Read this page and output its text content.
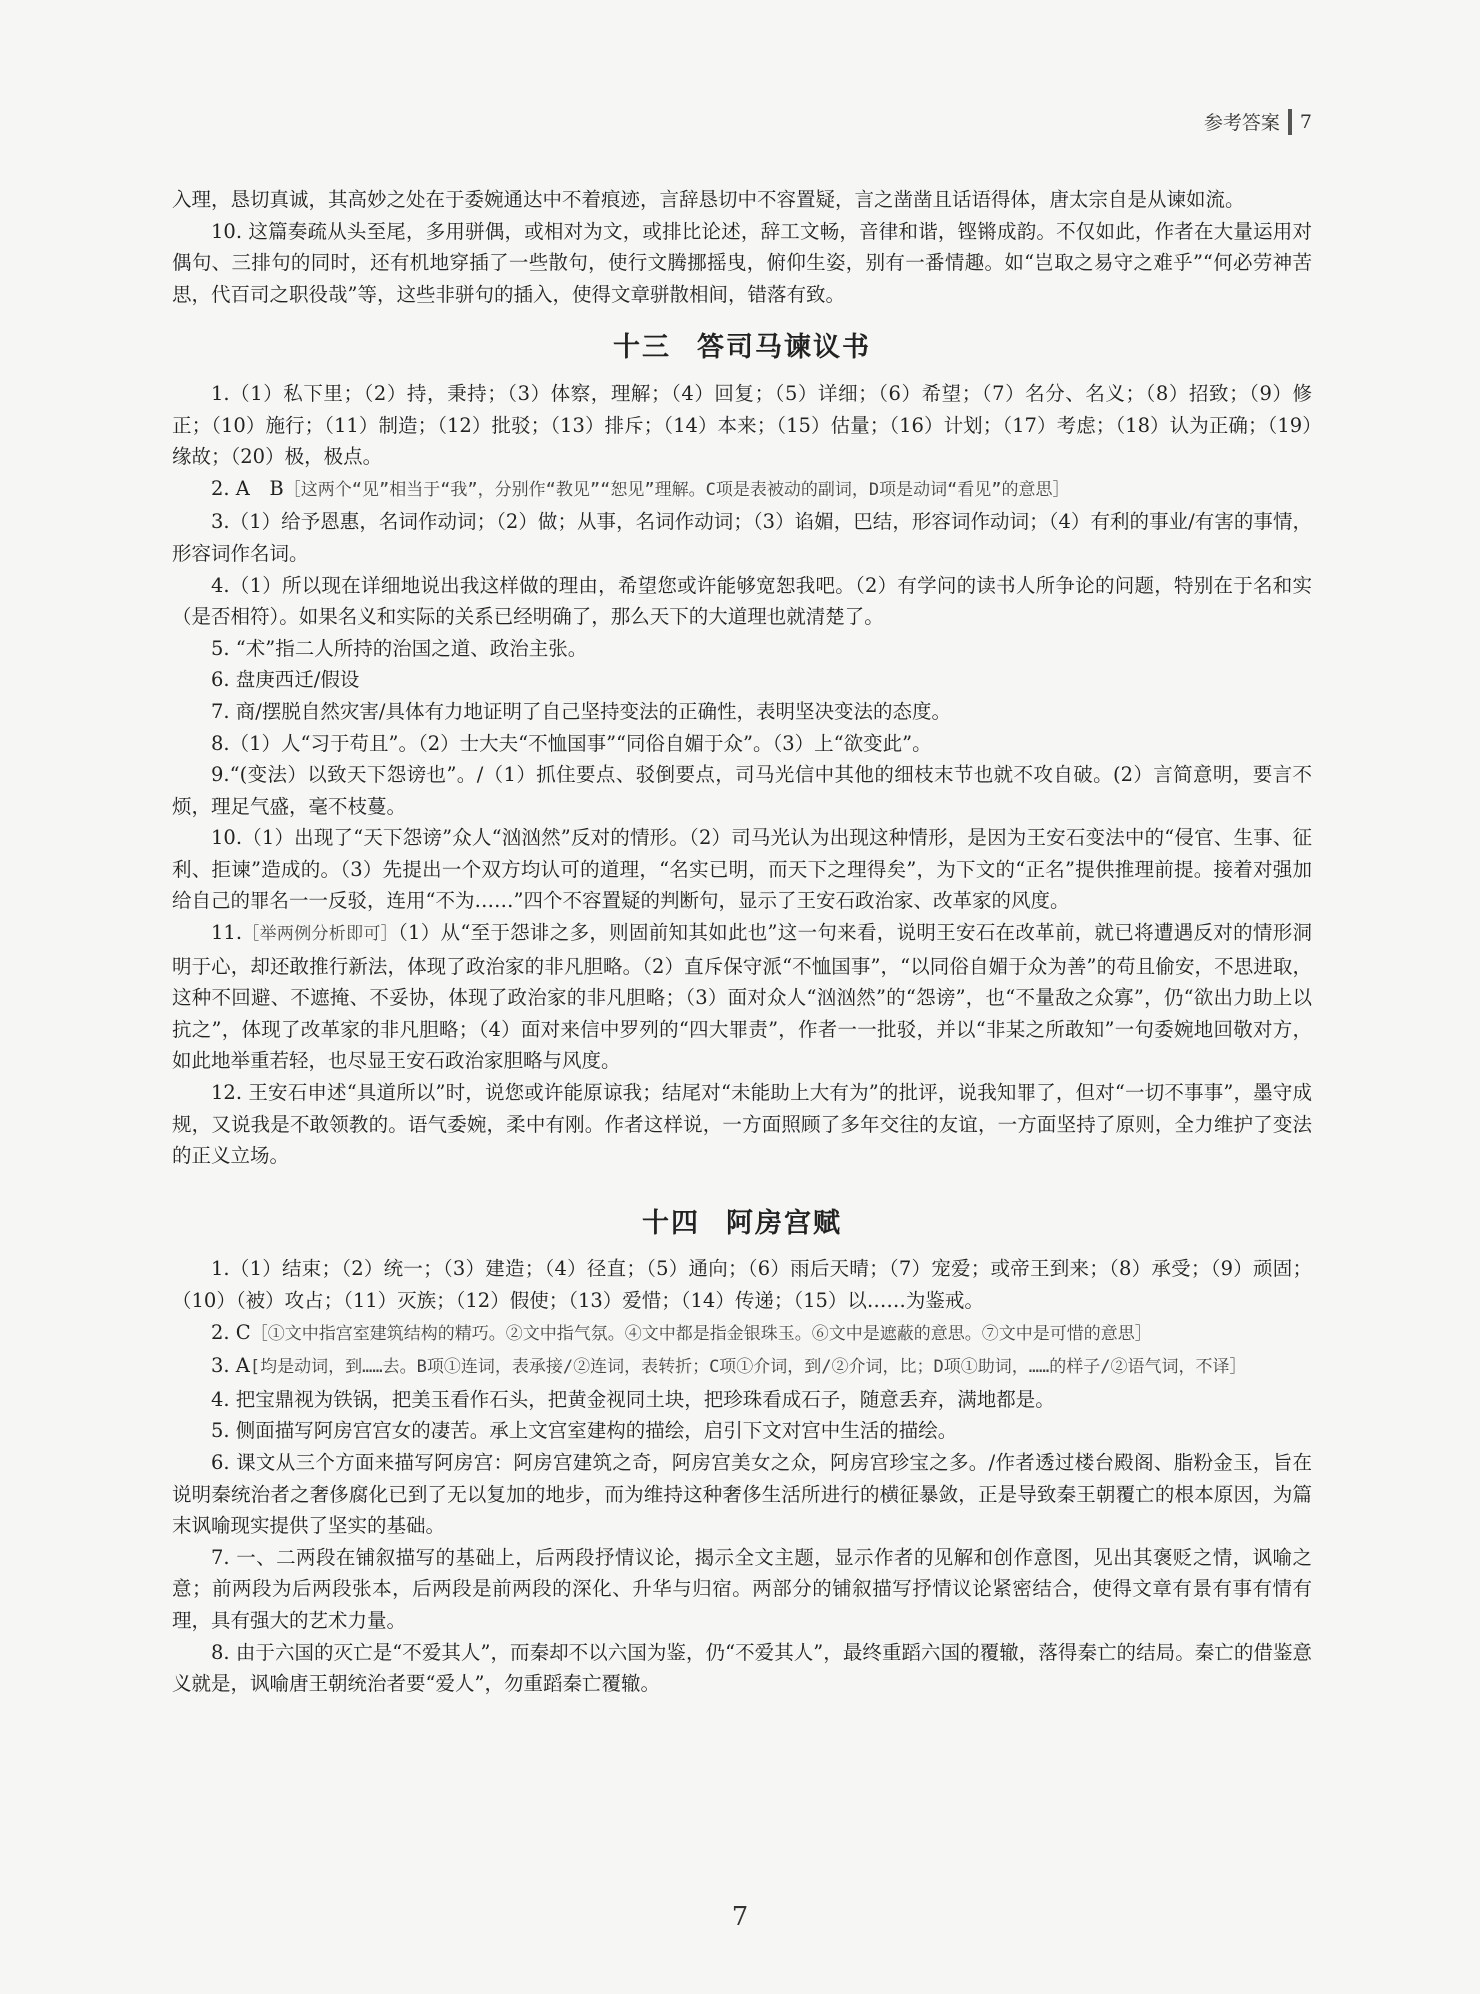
参考答案 7

入理，恳切真诚，其高妙之处在于委婉通达中不着痕迹，言辞恳切中不容置疑，言之凿凿且话语得体，唐太宗自是从谏如流。

10. 这篇奏疏从头至尾，多用骈偶，或相对为文，或排比论述，辞工文畅，音律和谐，铿锵成韵。不仅如此，作者在大量运用对偶句、三排句的同时，还有机地穿插了一些散句，使行文腾挪摇曳，俯仰生姿，别有一番情趣。如“岂取之易守之难乎”“何必劳神苦思，代百司之职役哉”等，这些非骈句的插入，使得文章骈散相间，错落有致。

十三 答司马谏议书

1.（1）私下里；（2）持，秉持；（3）体察，理解；（4）回复；（5）详细；（6）希望；（7）名分、名义；（8）招致；（9）修正；（10）施行；（11）制造；（12）批驳；（13）排斥；（14）本来；（15）估量；（16）计划；（17）考虑；（18）认为正确；（19）缘故；（20）极，极点。

2. A　B［这两个“见”相当于“我”，分别作“教见”“恕见”理解。C项是表被动的副词，D项是动词“看见”的意思］

3.（1）给予恩惠，名词作动词；（2）做；从事，名词作动词；（3）谄媚，巴结，形容词作动词；（4）有利的事业/有害的事情，形容词作名词。

4.（1）所以现在详细地说出我这样做的理由，希望您或许能够宽恕我吧。（2）有学问的读书人所争论的问题，特别在于名和实（是否相符）。如果名义和实际的关系已经明确了，那么天下的大道理也就清楚了。

5. “术”指二人所持的治国之道、政治主张。

6. 盘庚西迁/假设

7. 商/摆脱自然灾害/具体有力地证明了自己坚持变法的正确性，表明坚决变法的态度。

8.（1）人“习于苟且”。（2）士大夫“不恤国事”“同俗自媚于众”。（3）上“欲变此”。

9.“(变法）以致天下怨谤也”。/（1）抓住要点、驳倒要点，司马光信中其他的细枝末节也就不攻自破。(2）言简意明，要言不烦，理足气盛，毫不枝蔓。

10.（1）出现了“天下怨谤”众人“汹汹然”反对的情形。（2）司马光认为出现这种情形，是因为王安石变法中的“侵官、生事、征利、拒谏”造成的。（3）先提出一个双方均认可的道理，“名实已明，而天下之理得矣”，为下文的“正名”提供推理前提。接着对强加给自己的罪名一一反驳，连用“不为……”四个不容置疑的判断句，显示了王安石政治家、改革家的风度。

11.［举两例分析即可］（1）从“至于怨诽之多，则固前知其如此也”这一句来看，说明王安石在改革前，就已将遭遇反对的情形洞明于心，却还敢推行新法，体现了政治家的非凡胆略。（2）直斥保守派“不恤国事”，“以同俗自媚于众为善”的苟且偷安，不思进取，这种不回避、不遮掩、不妥协，体现了政治家的非凡胆略；（3）面对众人“汹汹然”的“怨谤”，也“不量敌之众寡”，仍“欲出力助上以抗之”，体现了改革家的非凡胆略；（4）面对来信中罗列的“四大罪责”，作者一一批驳，并以“非某之所敢知”一句委婉地回敬对方，如此地举重若轻，也尽显王安石政治家胆略与风度。

12. 王安石申述“具道所以”时，说您或许能原谅我；结尾对“未能助上大有为”的批评，说我知罪了，但对“一切不事事”，墨守成规，又说我是不敢领教的。语气委婉，柔中有刚。作者这样说，一方面照顾了多年交往的友谊，一方面坚持了原则，全力维护了变法的正义立场。

十四 阿房宫赋

1.（1）结束；（2）统一；（3）建造；（4）径直；（5）通向；（6）雨后天晴；（7）宠爱；或帝王到来；（8）承受；（9）顽固；（10）（被）攻占；（11）灭族；（12）假使；（13）爱惜；（14）传递；（15）以……为鉴戒。

2. C［①文中指宫室建筑结构的精巧。②文中指气氛。④文中都是指金银珠玉。⑥文中是遮蔽的意思。⑦文中是可惜的意思］

3. A[均是动词，到……去。B项①连词，表承接/②连词，表转折；C项①介词，到/②介词，比；D项①助词，……的样子/②语气词，不译］

4. 把宝鼎视为铁锅，把美玉看作石头，把黄金视同土块，把珍珠看成石子，随意丢弃，满地都是。

5. 侧面描写阿房宫宫女的凄苦。承上文宫室建构的描绘，启引下文对宫中生活的描绘。

6. 课文从三个方面来描写阿房宫：阿房宫建筑之奇，阿房宫美女之众，阿房宫珍宝之多。/作者透过楼台殿阁、脂粉金玉，旨在说明秦统治者之奢侈腐化已到了无以复加的地步，而为维持这种奢侈生活所进行的横征暴敛，正是导致秦王朝覆亡的根本原因，为篇末讽喻现实提供了坚实的基础。

7. 一、二两段在铺叙描写的基础上，后两段抒情议论，揭示全文主题，显示作者的见解和创作意图，见出其褒贬之情，讽喻之意；前两段为后两段张本，后两段是前两段的深化、升华与归宿。两部分的铺叙描写抒情议论紧密结合，使得文章有景有事有情有理，具有强大的艺术力量。

8. 由于六国的灭亡是“不爱其人”，而秦却不以六国为鉴，仍“不爱其人”，最终重蹈六国的覆辙，落得秦亡的结局。秦亡的借鉴意义就是，讽喻唐王朝统治者要“爱人”，勿重蹈秦亡覆辙。

7
